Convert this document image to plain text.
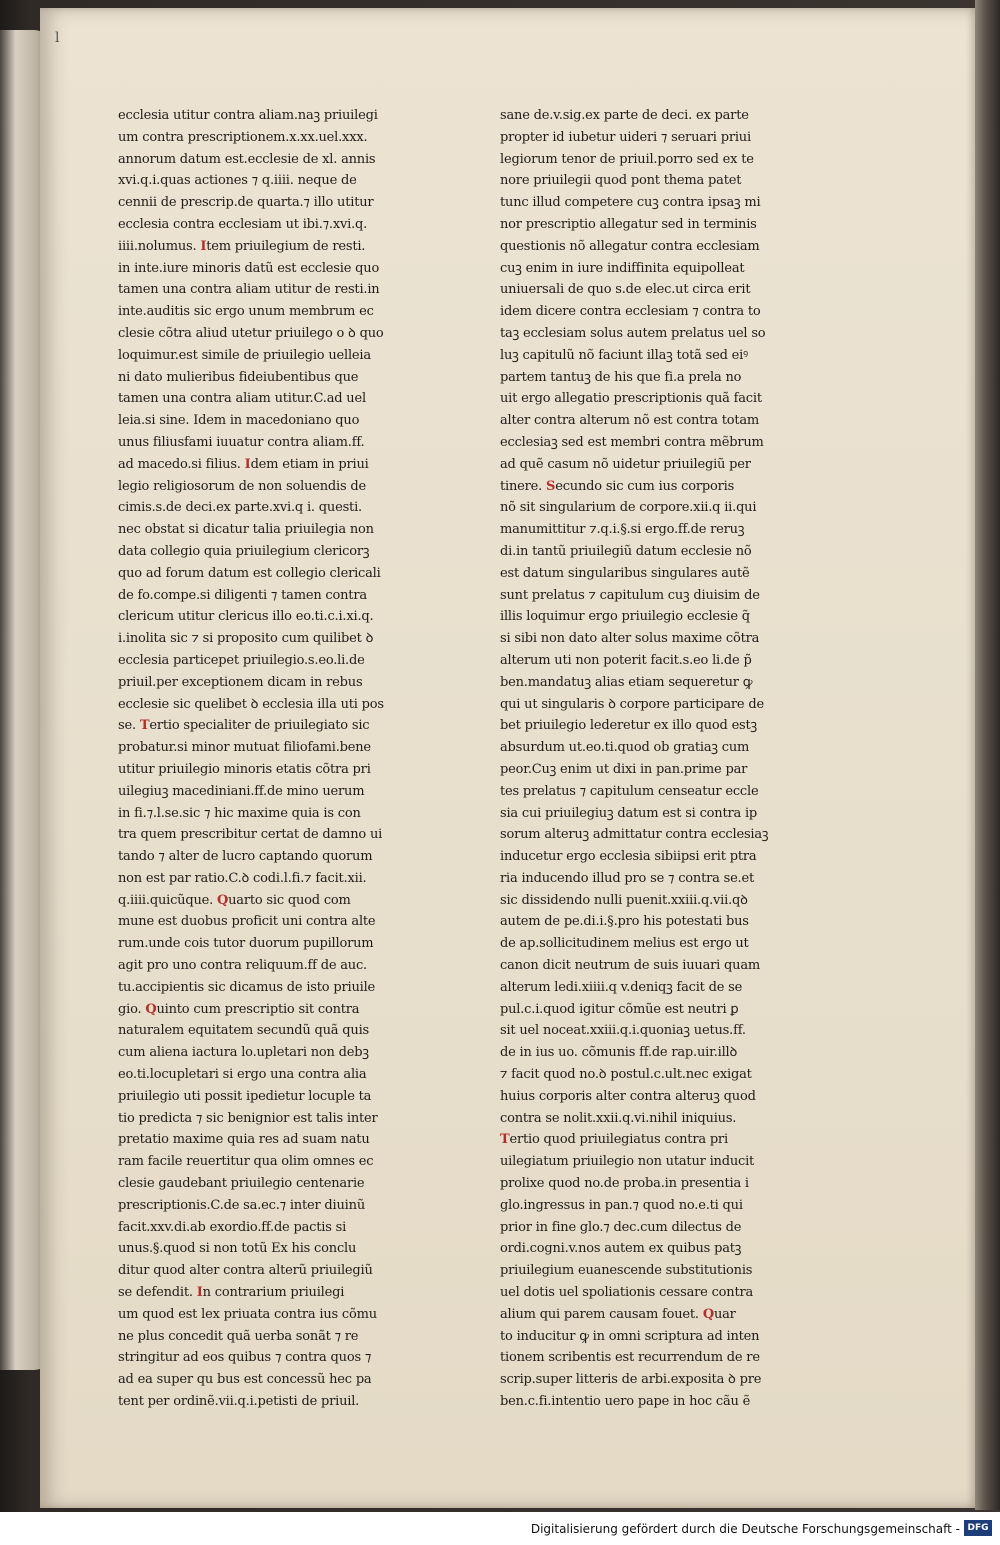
l
ecclesia utitur contra aliam.naꝫ priuilegi
um contra prescriptionem.x.xx.uel.xxx.
annorum datum est.ecclesie de xl. annis
xvi.q.i.quas actiones ⁊ q.iiii. neque de
cennii de prescrip.de quarta.⁊ illo utitur
ecclesia contra ecclesiam ut ibi.⁊.xvi.q.
iiii.nolumus. Item priuilegium de resti.
in inte.iure minoris datũ est ecclesie quo
tamen una contra aliam utitur de resti.in
inte.auditis sic ergo unum membrum ec
clesie cõtra aliud utetur priuilego o ꝺ quo
loquimur.est simile de priuilegio uelleia
ni dato mulieribus fideiubentibus que
tamen una contra aliam utitur.C.ad uel
leia.si sine. Idem in macedoniano quo
unus filiusfami iuuatur contra aliam.ff.
ad macedo.si filius. Idem etiam in priui
legio religiosorum de non soluendis de
cimis.s.de deci.ex parte.xvi.q i. questi.
nec obstat si dicatur talia priuilegia non
data collegio quia priuilegium clericorꝫ
quo ad forum datum est collegio clericali
de fo.compe.si diligenti ⁊ tamen contra
clericum utitur clericus illo eo.ti.c.i.xi.q.
i.inolita sic ⁊ si proposito cum quilibet ꝺ
ecclesia particepet priuilegio.s.eo.li.de
priuil.per exceptionem dicam in rebus
ecclesie sic quelibet ꝺ ecclesia illa uti pos
se. Tertio specialiter de priuilegiato sic
probatur.si minor mutuat filiofami.bene
utitur priuilegio minoris etatis cõtra pri
uilegiuꝫ macediniani.ff.de mino uerum
in fi.⁊.l.se.sic ⁊ hic maxime quia is con
tra quem prescribitur certat de damno ui
tando ⁊ alter de lucro captando quorum
non est par ratio.C.ꝺ codi.l.fi.⁊ facit.xii.
q.iiii.quicũque. Quarto sic quod com
mune est duobus proficit uni contra alte
rum.unde cois tutor duorum pupillorum
agit pro uno contra reliquum.ff de auc.
tu.accipientis sic dicamus de isto priuile
gio. Quinto cum prescriptio sit contra
naturalem equitatem secundũ quã quis
cum aliena iactura lo.upletari non debꝫ
eo.ti.locupletari si ergo una contra alia
priuilegio uti possit ipedietur locuple ta
tio predicta ⁊ sic benignior est talis inter
pretatio maxime quia res ad suam natu
ram facile reuertitur qua olim omnes ec
clesie gaudebant priuilegio centenarie
prescriptionis.C.de sa.ec.⁊ inter diuinũ
facit.xxv.di.ab exordio.ff.de pactis si
unus.§.quod si non totũ Ex his conclu
ditur quod alter contra alterũ priuilegiũ
se defendit. In contrarium priuilegi
um quod est lex priuata contra ius cõmu
ne plus concedit quã uerba sonãt ⁊ re
stringitur ad eos quibus ⁊ contra quos ⁊
ad ea super qu bus est concessũ hec pa
tent per ordinẽ.vii.q.i.petisti de priuil.
sane de.v.sig.ex parte de deci. ex parte
propter id iubetur uideri ⁊ seruari priui
legiorum tenor de priuil.porro sed ex te
nore priuilegii quod pont thema patet
tunc illud competere cuꝫ contra ipsaꝫ mi
nor prescriptio allegatur sed in terminis
questionis nõ allegatur contra ecclesiam
cuꝫ enim in iure indiffinita equipolleat
uniuersali de quo s.de elec.ut circa erit
idem dicere contra ecclesiam ⁊ contra to
taꝫ ecclesiam solus autem prelatus uel so
luꝫ capitulũ nõ faciunt illaꝫ totã sed eiꝰ
partem tantuꝫ de his que fi.a prela no
uit ergo allegatio prescriptionis quã facit
alter contra alterum nõ est contra totam
ecclesiaꝫ sed est membri contra mẽbrum
ad quẽ casum nõ uidetur priuilegiũ per
tinere. Secundo sic cum ius corporis
nõ sit singularium de corpore.xii.q ii.qui
manumittitur ⁊.q.i.§.si ergo.ff.de reruꝫ
di.in tantũ priuilegiũ datum ecclesie nõ
est datum singularibus singulares autẽ
sunt prelatus ⁊ capitulum cuꝫ diuisim de
illis loquimur ergo priuilegio ecclesie q̃
si sibi non dato alter solus maxime cõtra
alterum uti non poterit facit.s.eo li.de p̃
ben.mandatuꝫ alias etiam sequeretur ꝙ
qui ut singularis ꝺ corpore participare de
bet priuilegio lederetur ex illo quod estꝫ
absurdum ut.eo.ti.quod ob gratiaꝫ cum
peor.Cuꝫ enim ut dixi in pan.prime par
tes prelatus ⁊ capitulum censeatur eccle
sia cui priuilegiuꝫ datum est si contra ip
sorum alteruꝫ admittatur contra ecclesiaꝫ
inducetur ergo ecclesia sibiipsi erit ptra
ria inducendo illud pro se ⁊ contra se.et
sic dissidendo nulli puenit.xxiii.q.vii.qꝺ
autem de pe.di.i.§.pro his potestati bus
de ap.sollicitudinem melius est ergo ut
canon dicit neutrum de suis iuuari quam
alterum ledi.xiiii.q v.deniqꝫ facit de se
pul.c.i.quod igitur cõmũe est neutri ꝑ
sit uel noceat.xxiii.q.i.quoniaꝫ uetus.ff.
de in ius uo. cõmunis ff.de rap.uir.illꝺ
⁊ facit quod no.ꝺ postul.c.ult.nec exigat
huius corporis alter contra alteruꝫ quod
contra se nolit.xxii.q.vi.nihil iniquius.
Tertio quod priuilegiatus contra pri
uilegiatum priuilegio non utatur inducit
prolixe quod no.de proba.in presentia i
glo.ingressus in pan.⁊ quod no.e.ti qui
prior in fine glo.⁊ dec.cum dilectus de
ordi.cogni.v.nos autem ex quibus patꝫ
priuilegium euanescende substitutionis
uel dotis uel spoliationis cessare contra
alium qui parem causam fouet. Quar
to inducitur ꝙ in omni scriptura ad inten
tionem scribentis est recurrendum de re
scrip.super litteris de arbi.exposita ꝺ pre
ben.c.fi.intentio uero pape in hoc cãu ẽ
Digitalisierung gefördert durch die Deutsche Forschungsgemeinschaft - DFG
